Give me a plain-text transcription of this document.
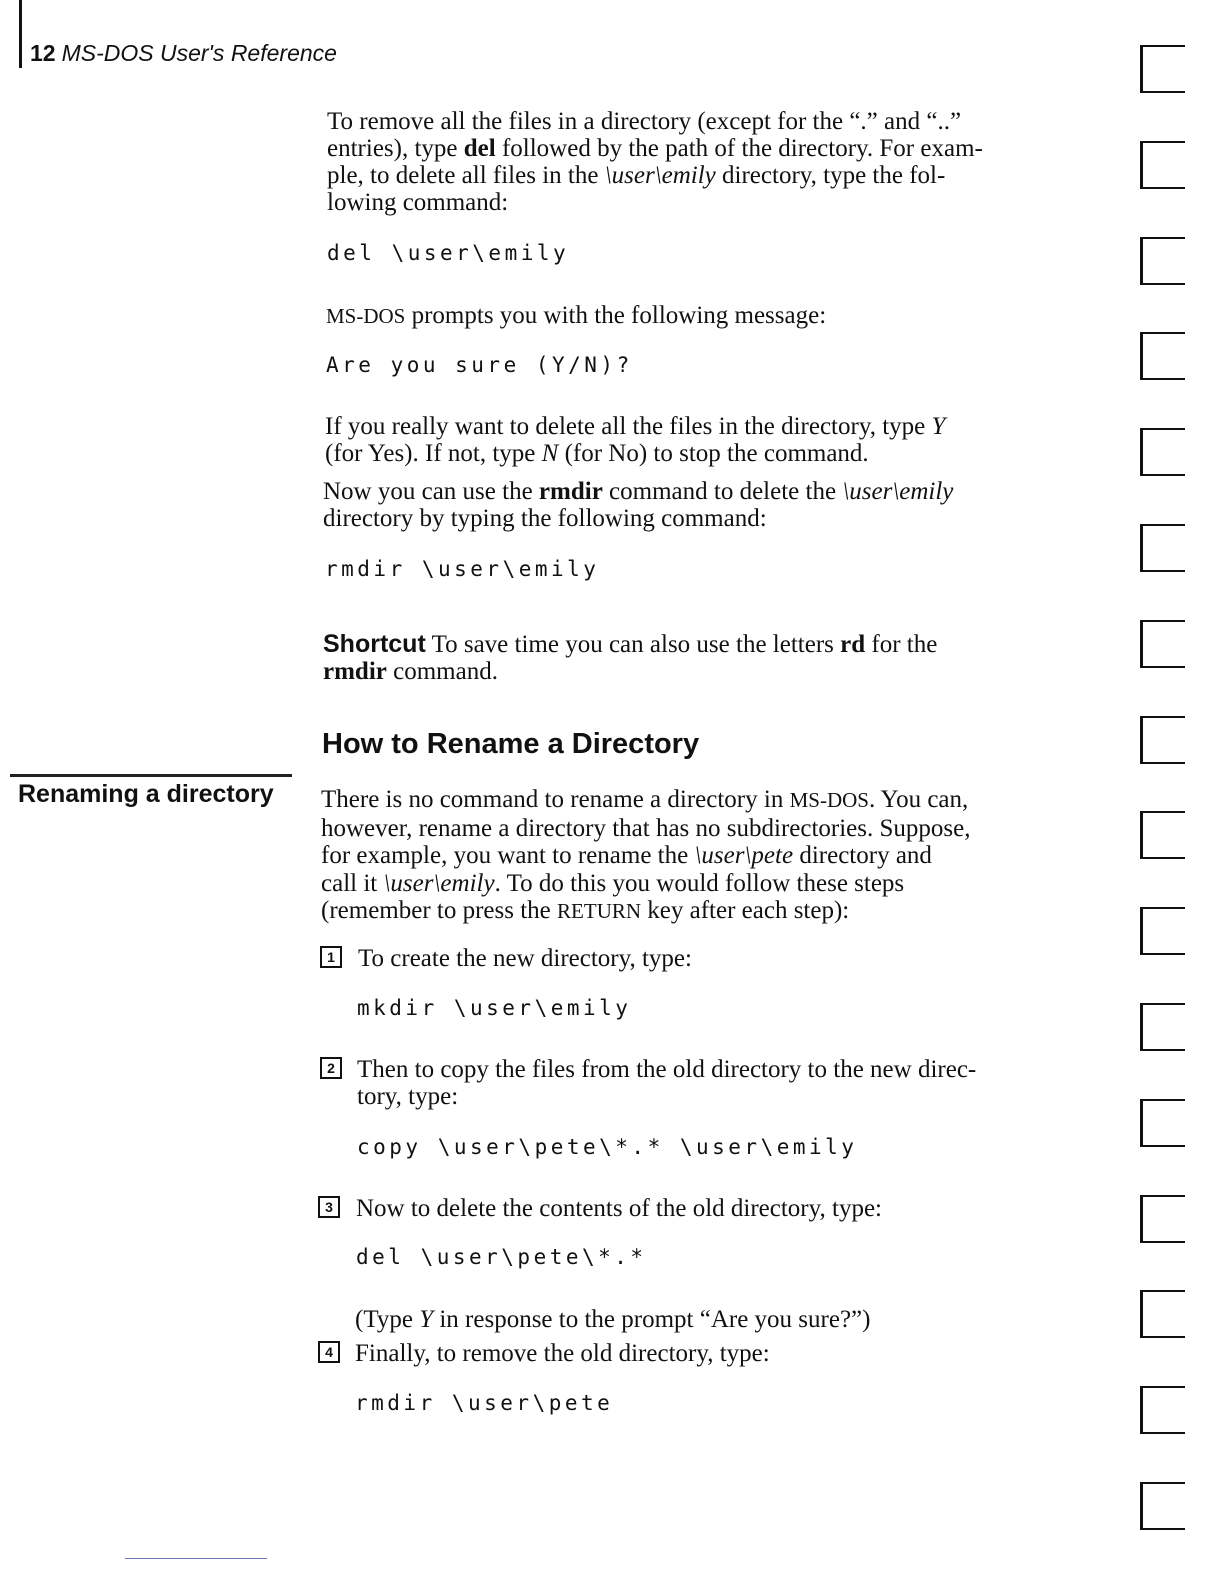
12 MS-DOS User's Reference
To remove all the files in a directory (except for the “.” and “..”
entries), type del followed by the path of the directory. For exam-
ple, to delete all files in the \user\emily directory, type the fol-
lowing command:
del \user\emily
MS-DOS prompts you with the following message:
Are you sure (Y/N)?
If you really want to delete all the files in the directory, type Y
(for Yes). If not, type N (for No) to stop the command.
Now you can use the rmdir command to delete the \user\emily
directory by typing the following command:
rmdir \user\emily
Shortcut To save time you can also use the letters rd for the
rmdir command.
How to Rename a Directory
Renaming a directory There is no command to rename a directory in MS-DOS. You can,
however, rename a directory that has no subdirectories. Suppose,
for example, you want to rename the \user\pete directory and
call it \user\emily. To do this you would follow these steps
(remember to press the RETURN key after each step):
1 To create the new directory, type:
mkdir \user\emily
2 Then to copy the files from the old directory to the new direc-
tory, type:
copy \user\pete\*.* \user\emily
3 Now to delete the contents of the old directory, type:
del \user\pete\*.*
(Type Y in response to the prompt “Are you sure?”)
4 Finally, to remove the old directory, type:
rmdir \user\pete
